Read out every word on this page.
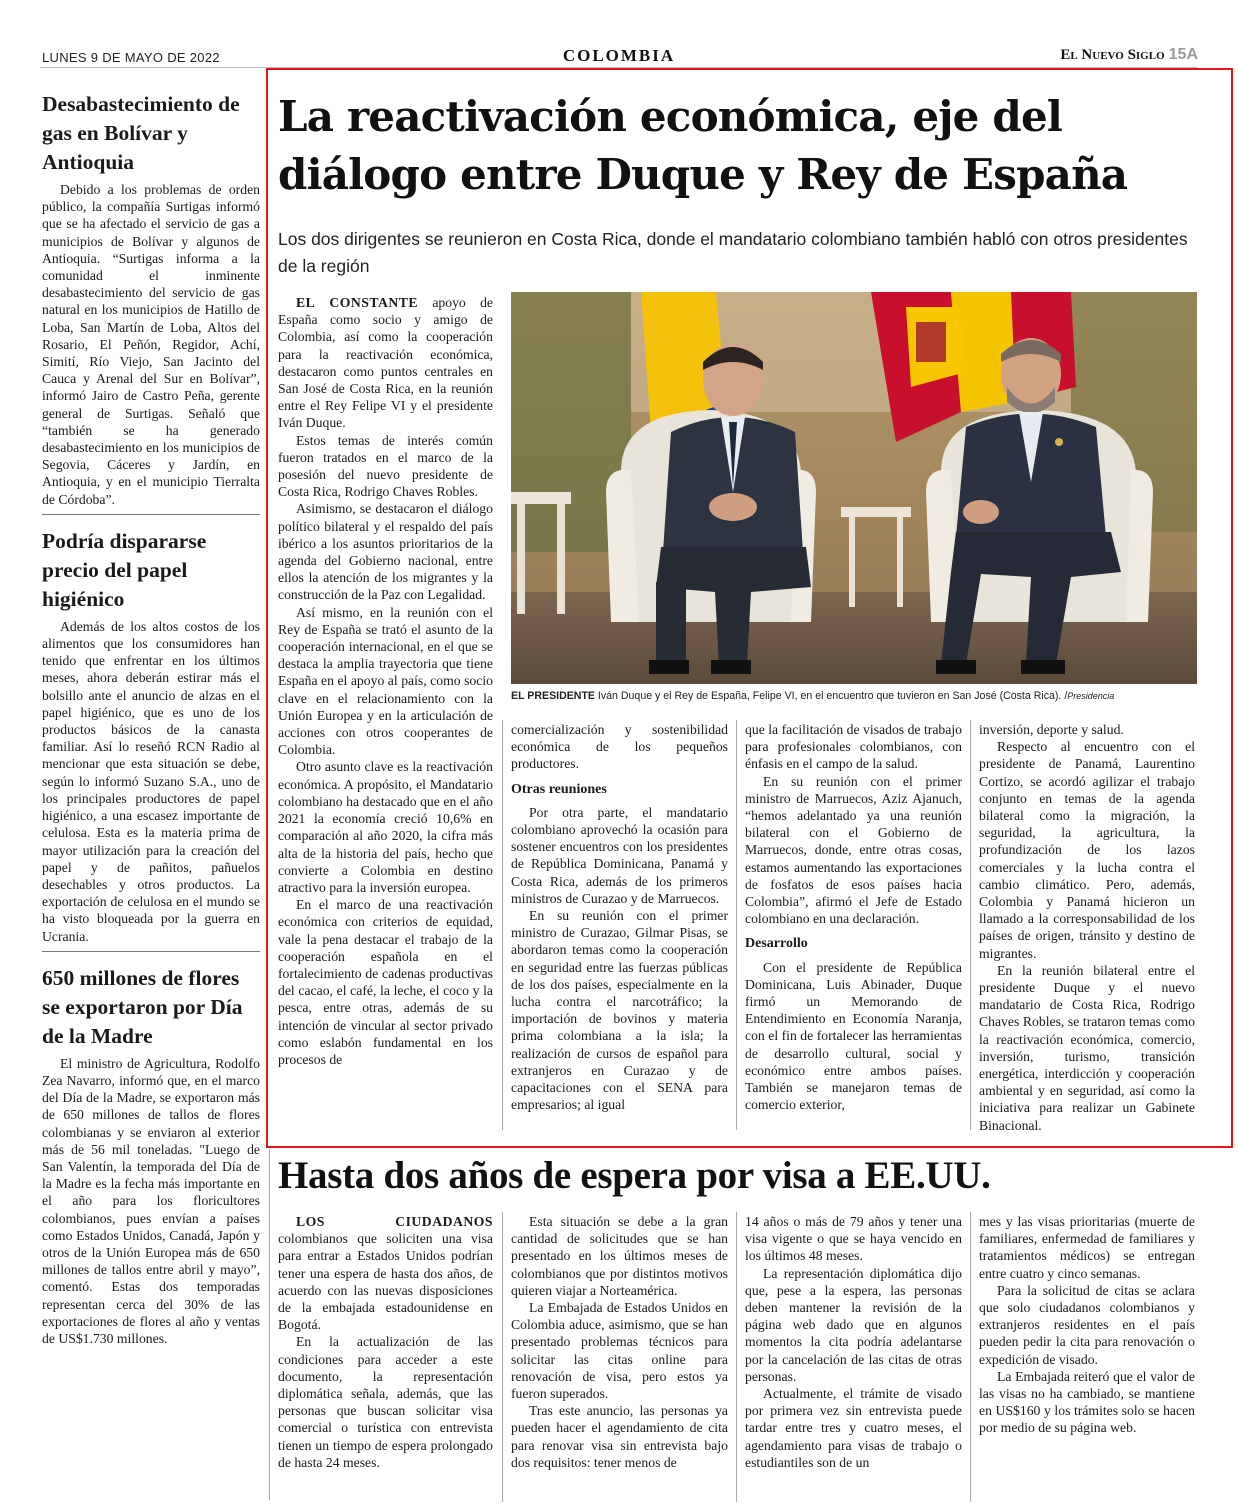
LUNES 9 DE MAYO DE 2022	COLOMBIA	El Nuevo Siglo 15A
Desabastecimiento de gas en Bolívar y Antioquia

Debido a los problemas de orden público, la compañía Surtigas informó que se ha afectado el servicio de gas a municipios de Bolívar y algunos de Antioquia. “Surtigas informa a la comunidad el inminente desabastecimiento del servicio de gas natural en los municipios de Hatillo de Loba, San Martín de Loba, Altos del Rosario, El Peñón, Regidor, Achí, Simití, Río Viejo, San Jacinto del Cauca y Arenal del Sur en Bolívar”, informó Jairo de Castro Peña, gerente general de Surtigas. Señaló que “también se ha generado desabastecimiento en los municipios de Segovia, Cáceres y Jardín, en Antioquia, y en el municipio Tierralta de Córdoba”.

Podría dispararse precio del papel higiénico

Además de los altos costos de los alimentos que los consumidores han tenido que enfrentar en los últimos meses, ahora deberán estirar más el bolsillo ante el anuncio de alzas en el papel higiénico, que es uno de los productos básicos de la canasta familiar. Así lo reseñó RCN Radio al mencionar que esta situación se debe, según lo informó Suzano S.A., uno de los principales productores de papel higiénico, a una escasez importante de celulosa. Esta es la materia prima de mayor utilización para la creación del papel y de pañitos, pañuelos desechables y otros productos. La exportación de celulosa en el mundo se ha visto bloqueada por la guerra en Ucrania.

650 millones de flores se exportaron por Día de la Madre

El ministro de Agricultura, Rodolfo Zea Navarro, informó que, en el marco del Día de la Madre, se exportaron más de 650 millones de tallos de flores colombianas y se enviaron al exterior más de 56 mil toneladas. "Luego de San Valentín, la temporada del Día de la Madre es la fecha más importante en el año para los floricultores colombianos, pues envían a países como Estados Unidos, Canadá, Japón y otros de la Unión Europea más de 650 millones de tallos entre abril y mayo”, comentó. Estas dos temporadas representan cerca del 30% de las exportaciones de flores al año y ventas de US$1.730 millones.

La reactivación económica, eje del diálogo entre Duque y Rey de España
Los dos dirigentes se reunieron en Costa Rica, donde el mandatario colombiano también habló con otros presidentes de la región
EL PRESIDENTE Iván Duque y el Rey de España, Felipe VI, en el encuentro que tuvieron en San José (Costa Rica). /Presidencia

EL CONSTANTE apoyo de España como socio y amigo de Colombia, así como la cooperación para la reactivación económica, destacaron como puntos centrales en San José de Costa Rica, en la reunión entre el Rey Felipe VI y el presidente Iván Duque.

Estos temas de interés común fueron tratados en el marco de la posesión del nuevo presidente de Costa Rica, Rodrigo Chaves Robles.

Asimismo, se destacaron el diálogo político bilateral y el respaldo del país ibérico a los asuntos prioritarios de la agenda del Gobierno nacional, entre ellos la atención de los migrantes y la construcción de la Paz con Legalidad.

Así mismo, en la reunión con el Rey de España se trató el asunto de la cooperación internacional, en el que se destaca la amplia trayectoria que tiene España en el apoyo al país, como socio clave en el relacionamiento con la Unión Europea y en la articulación de acciones con otros cooperantes de Colombia.

Otro asunto clave es la reactivación económica. A propósito, el Mandatario colombiano ha destacado que en el año 2021 la economía creció 10,6% en comparación al año 2020, la cifra más alta de la historia del país, hecho que convierte a Colombia en destino atractivo para la inversión europea.

En el marco de una reactivación económica con criterios de equidad, vale la pena destacar el trabajo de la cooperación española en el fortalecimiento de cadenas productivas del cacao, el café, la leche, el coco y la pesca, entre otras, además de su intención de vincular al sector privado como eslabón fundamental en los procesos de

comercialización y sostenibilidad económica de los pequeños productores.

Otras reuniones

Por otra parte, el mandatario colombiano aprovechó la ocasión para sostener encuentros con los presidentes de República Dominicana, Panamá y Costa Rica, además de los primeros ministros de Curazao y de Marruecos.

En su reunión con el primer ministro de Curazao, Gilmar Pisas, se abordaron temas como la cooperación en seguridad entre las fuerzas públicas de los dos países, especialmente en la lucha contra el narcotráfico; la importación de bovinos y materia prima colombiana a la isla; la realización de cursos de español para extranjeros en Curazao y de capacitaciones con el SENA para empresarios; al igual

que la facilitación de visados de trabajo para profesionales colombianos, con énfasis en el campo de la salud.

En su reunión con el primer ministro de Marruecos, Aziz Ajanuch, “hemos adelantado ya una reunión bilateral con el Gobierno de Marruecos, donde, entre otras cosas, estamos aumentando las exportaciones de fosfatos de esos países hacia Colombia”, afirmó el Jefe de Estado colombiano en una declaración.

Desarrollo

Con el presidente de República Dominicana, Luis Abinader, Duque firmó un Memorando de Entendimiento en Economía Naranja, con el fin de fortalecer las herramientas de desarrollo cultural, social y económico entre ambos países. También se manejaron temas de comercio exterior,

inversión, deporte y salud.

Respecto al encuentro con el presidente de Panamá, Laurentino Cortizo, se acordó agilizar el trabajo conjunto en temas de la agenda bilateral como la migración, la seguridad, la agricultura, la profundización de los lazos comerciales y la lucha contra el cambio climático. Pero, además, Colombia y Panamá hicieron un llamado a la corresponsabilidad de los países de origen, tránsito y destino de migrantes.

En la reunión bilateral entre el presidente Duque y el nuevo mandatario de Costa Rica, Rodrigo Chaves Robles, se trataron temas como la reactivación económica, comercio, inversión, turismo, transición energética, interdicción y cooperación ambiental y en seguridad, así como la iniciativa para realizar un Gabinete Binacional.

Hasta dos años de espera por visa a EE.UU.

LOS CIUDADANOS colombianos que soliciten una visa para entrar a Estados Unidos podrían tener una espera de hasta dos años, de acuerdo con las nuevas disposiciones de la embajada estadounidense en Bogotá.

En la actualización de las condiciones para acceder a este documento, la representación diplomática señala, además, que las personas que buscan solicitar visa comercial o turística con entrevista tienen un tiempo de espera prolongado de hasta 24 meses.

Esta situación se debe a la gran cantidad de solicitudes que se han presentado en los últimos meses de colombianos que por distintos motivos quieren viajar a Norteamérica.

La Embajada de Estados Unidos en Colombia aduce, asimismo, que se han presentado problemas técnicos para solicitar las citas online para renovación de visa, pero estos ya fueron superados.

Tras este anuncio, las personas ya pueden hacer el agendamiento de cita para renovar visa sin entrevista bajo dos requisitos: tener menos de

14 años o más de 79 años y tener una visa vigente o que se haya vencido en los últimos 48 meses.

La representación diplomática dijo que, pese a la espera, las personas deben mantener la revisión de la página web dado que en algunos momentos la cita podría adelantarse por la cancelación de las citas de otras personas.

Actualmente, el trámite de visado por primera vez sin entrevista puede tardar entre tres y cuatro meses, el agendamiento para visas de trabajo o estudiantiles son de un

mes y las visas prioritarias (muerte de familiares, enfermedad de familiares y tratamientos médicos) se entregan entre cuatro y cinco semanas.

Para la solicitud de citas se aclara que solo ciudadanos colombianos y extranjeros residentes en el país pueden pedir la cita para renovación o expedición de visado.

La Embajada reiteró que el valor de las visas no ha cambiado, se mantiene en US$160 y los trámites solo se hacen por medio de su página web.
